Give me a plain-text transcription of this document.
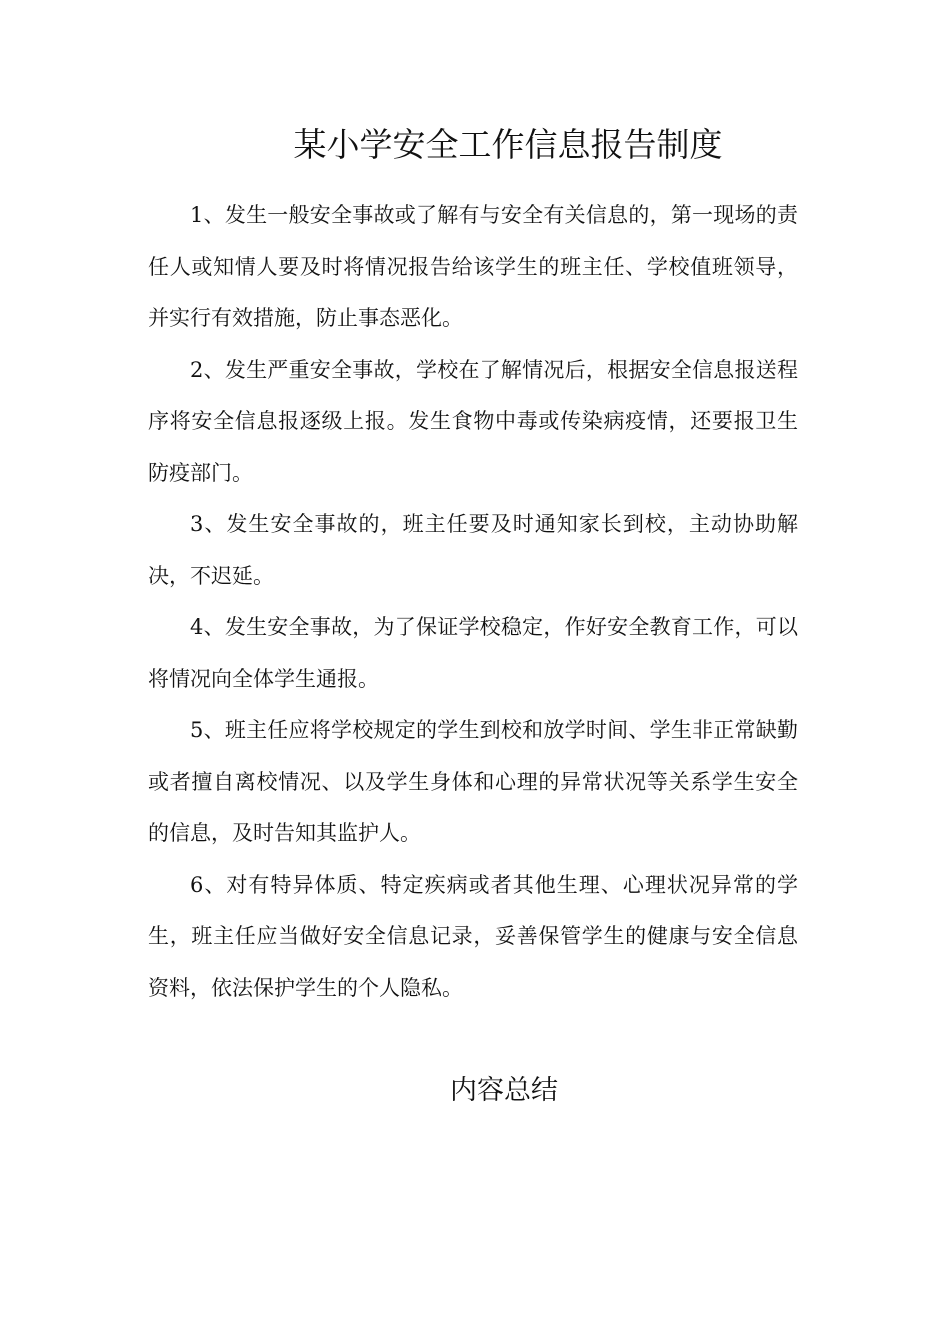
某小学安全工作信息报告制度

1、发生一般安全事故或了解有与安全有关信息的，第一现场的责任人或知情人要及时将情况报告给该学生的班主任、学校值班领导，并实行有效措施，防止事态恶化。

2、发生严重安全事故，学校在了解情况后，根据安全信息报送程序将安全信息报逐级上报。发生食物中毒或传染病疫情，还要报卫生防疫部门。

3、发生安全事故的，班主任要及时通知家长到校，主动协助解决，不迟延。

4、发生安全事故，为了保证学校稳定，作好安全教育工作，可以将情况向全体学生通报。

5、班主任应将学校规定的学生到校和放学时间、学生非正常缺勤或者擅自离校情况、以及学生身体和心理的异常状况等关系学生安全的信息，及时告知其监护人。

6、对有特异体质、特定疾病或者其他生理、心理状况异常的学生，班主任应当做好安全信息记录，妥善保管学生的健康与安全信息资料，依法保护学生的个人隐私。

内容总结
